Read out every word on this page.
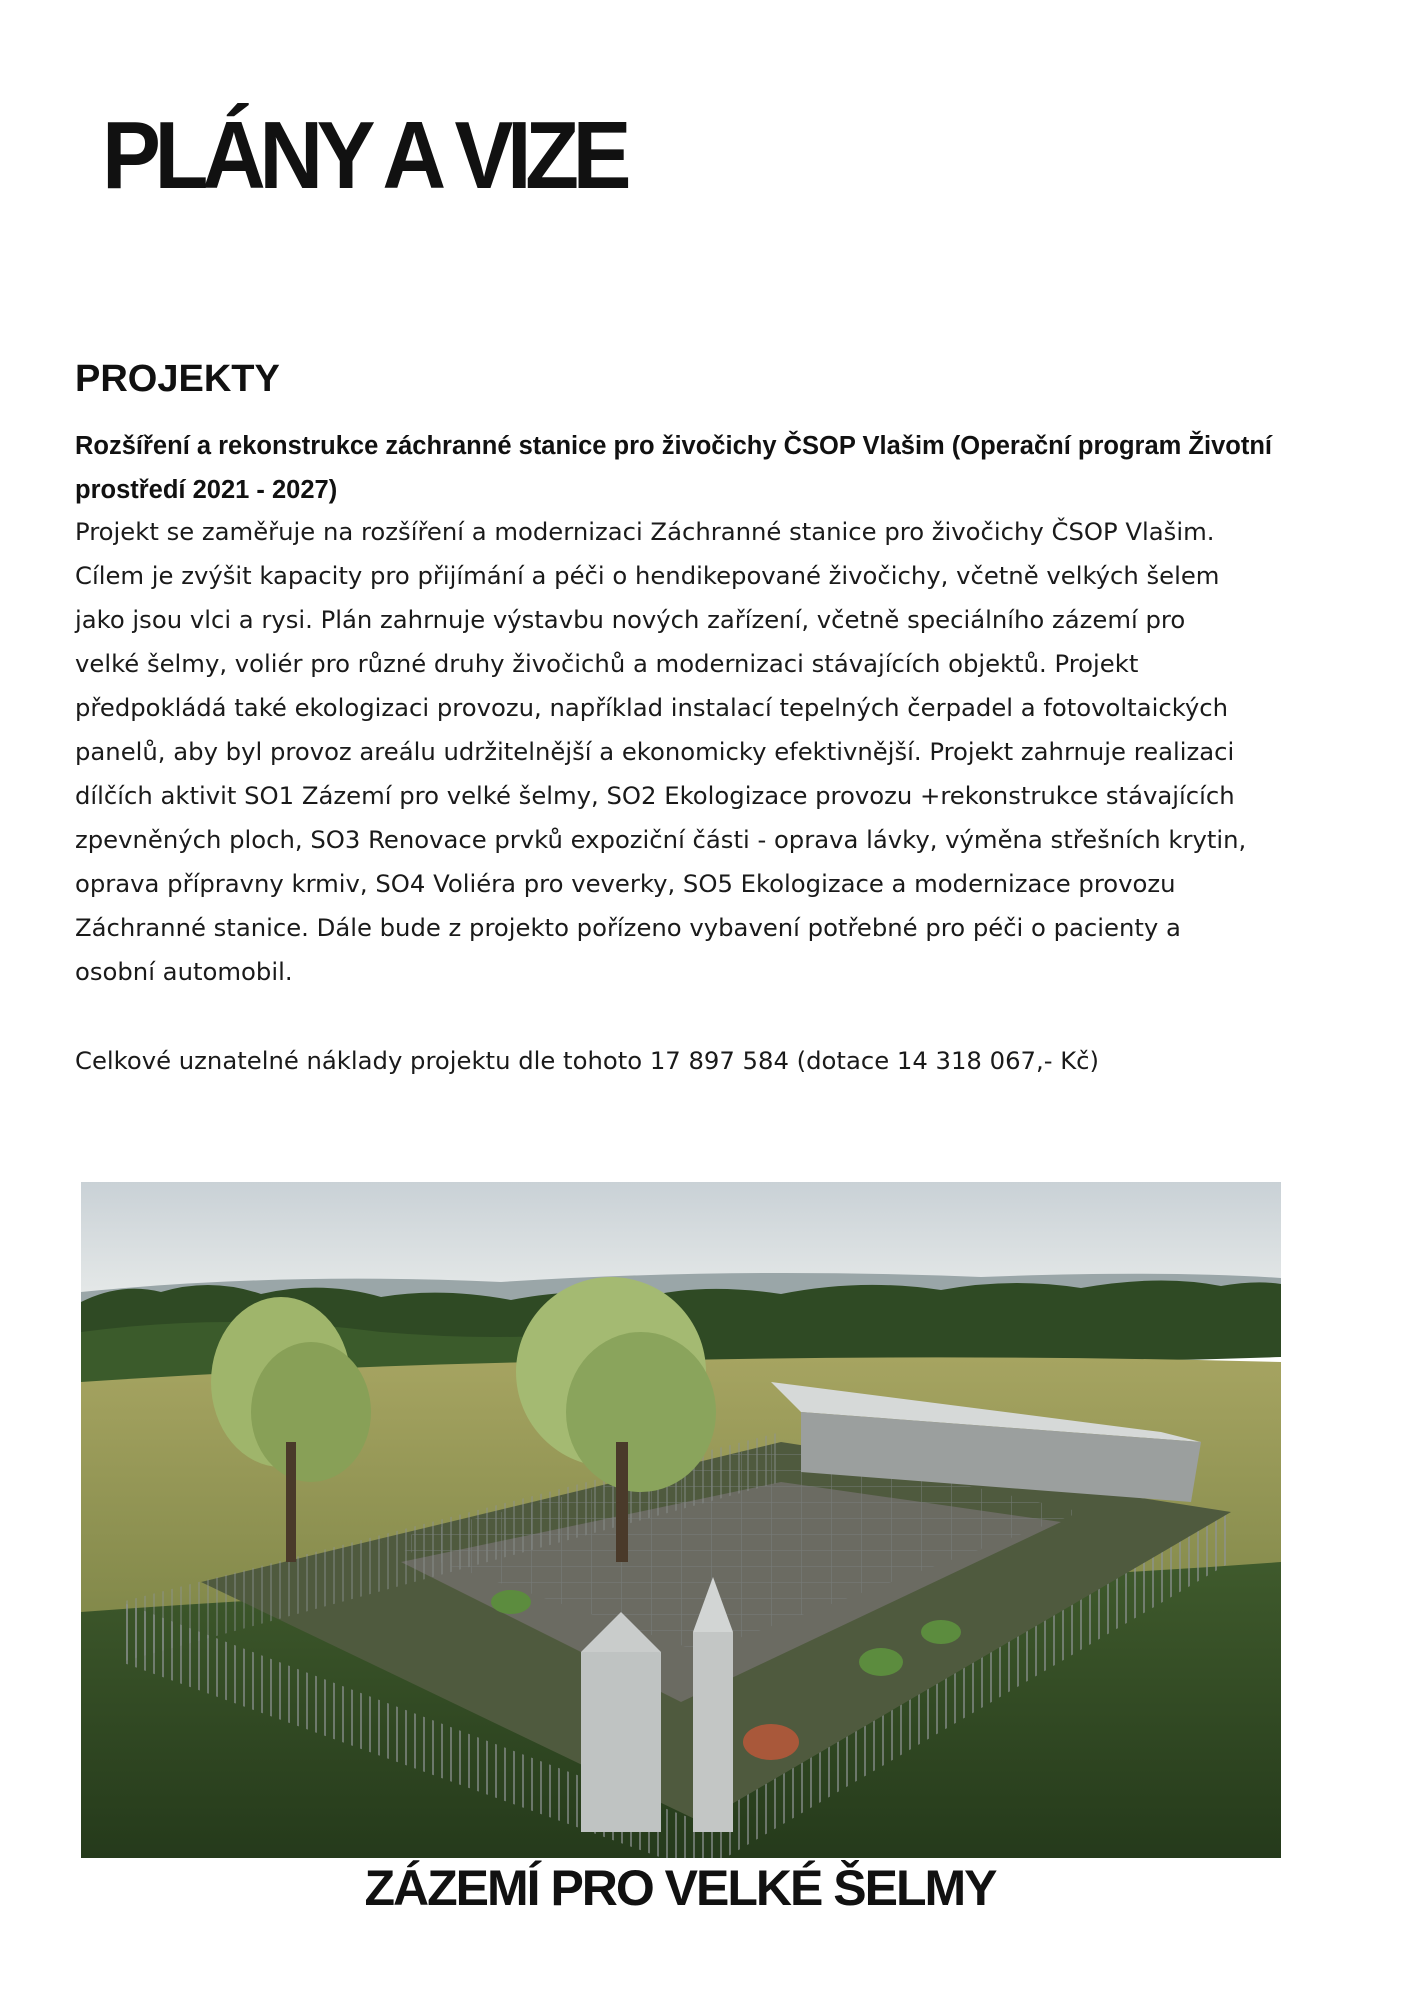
PLÁNY A VIZE
PROJEKTY
Rozšíření a rekonstrukce záchranné stanice pro živočichy ČSOP Vlašim (Operační program Životní prostředí 2021 - 2027)
Projekt se zaměřuje na rozšíření a modernizaci Záchranné stanice pro živočichy ČSOP Vlašim.
Cílem je zvýšit kapacity pro přijímání a péči o hendikepované živočichy, včetně velkých šelem
jako jsou vlci a rysi. Plán zahrnuje výstavbu nových zařízení, včetně speciálního zázemí pro
velké šelmy, voliér pro různé druhy živočichů a modernizaci stávajících objektů. Projekt
předpokládá také ekologizaci provozu, například instalací tepelných čerpadel a fotovoltaických
panelů, aby byl provoz areálu udržitelnější a ekonomicky efektivnější. Projekt zahrnuje realizaci
dílčích aktivit SO1 Zázemí pro velké šelmy, SO2 Ekologizace provozu +rekonstrukce stávajících
zpevněných ploch, SO3 Renovace prvků expoziční části - oprava lávky, výměna střešních krytin,
oprava přípravny krmiv, SO4 Voliéra pro veverky, SO5 Ekologizace a modernizace provozu
Záchranné stanice. Dále bude z projekto pořízeno vybavení potřebné pro péči o pacienty a
osobní automobil.
Celkové uznatelné náklady projektu dle tohoto 17 897 584 (dotace 14 318 067,- Kč)
ZÁZEMÍ PRO VELKÉ ŠELMY
